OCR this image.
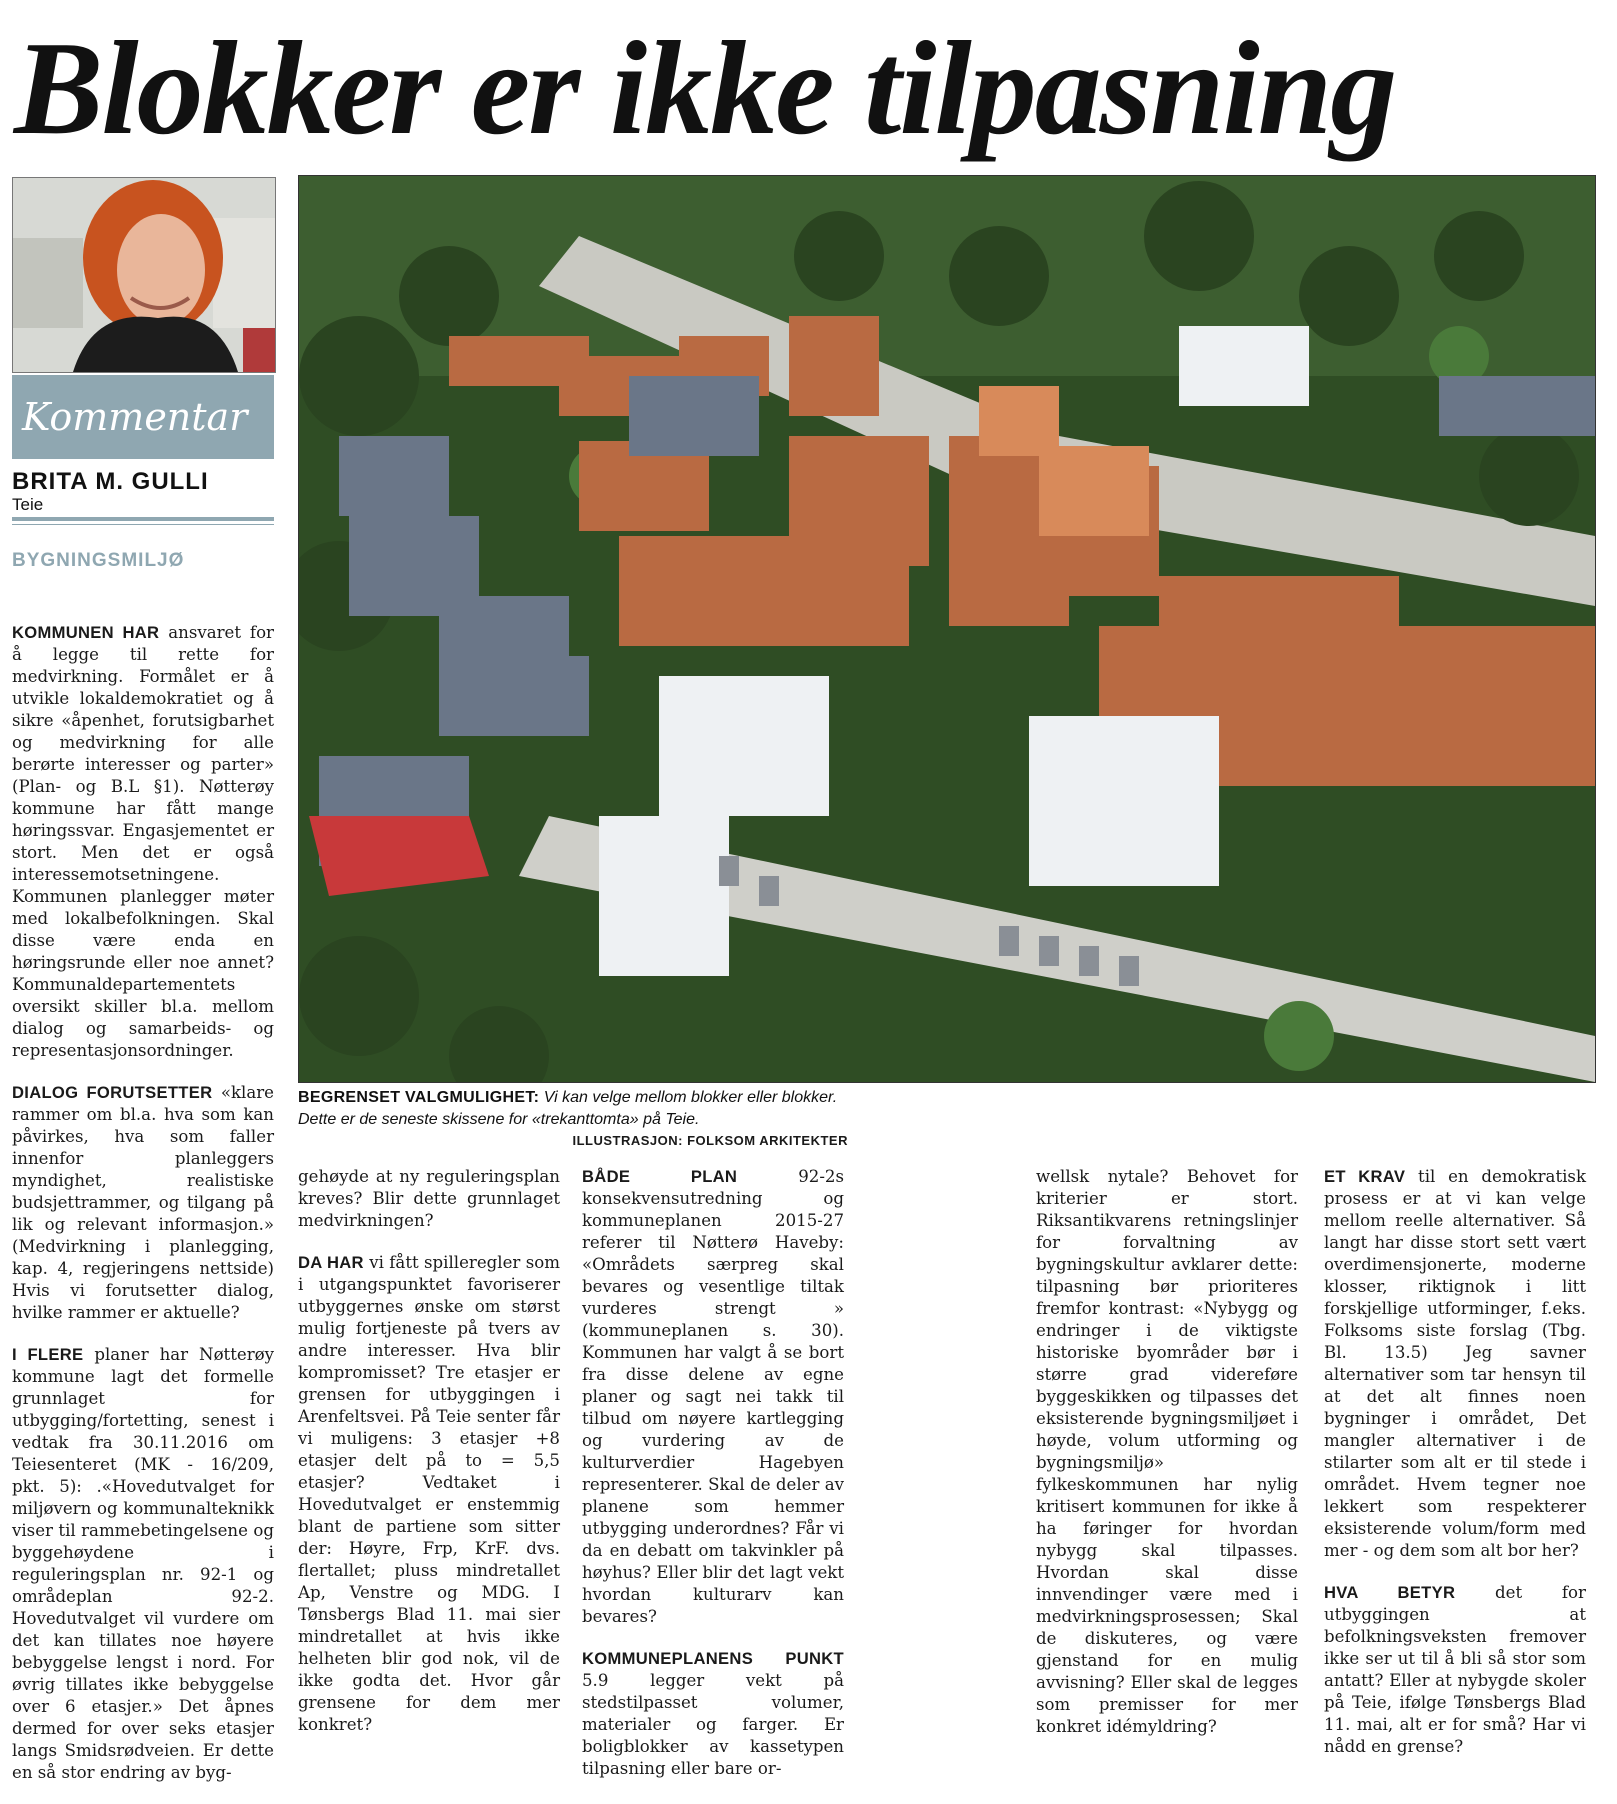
Blokker er ikke tilpasning
Kommentar
BRITA M. GULLI
Teie
BYGNINGSMILJØ
BEGRENSET VALGMULIGHET: Vi kan velge mellom blokker eller blokker. Dette er de seneste skissene for «trekanttomta» på Teie.
ILLUSTRASJON: FOLKSOM ARKITEKTER

KOMMUNEN HAR ansvaret for å legge til rette for medvirkning. Formålet er å utvikle lokaldemokratiet og å sikre «åpenhet, forutsigbarhet og medvirkning for alle berørte interesser og parter» (Plan- og B.L §1). Nøtterøy kommune har fått mange høringssvar. Engasjementet er stort. Men det er også interessemotsetningene. Kommunen planlegger møter med lokalbefolkningen. Skal disse være enda en høringsrunde eller noe annet? Kommunaldepartementets oversikt skiller bl.a. mellom dialog og samarbeids- og representasjonsordninger.

DIALOG FORUTSETTER «klare rammer om bl.a. hva som kan påvirkes, hva som faller innenfor planleggers myndighet, realistiske budsjettrammer, og tilgang på lik og relevant informasjon.» (Medvirkning i planlegging, kap. 4, regjeringens nettside) Hvis vi forutsetter dialog, hvilke rammer er aktuelle?

I FLERE planer har Nøtterøy kommune lagt det formelle grunnlaget for utbygging/fortetting, senest i vedtak fra 30.11.2016 om Teiesenteret (MK - 16/209, pkt. 5): .«Hovedutvalget for miljøvern og kommunalteknikk viser til rammebetingelsene og byggehøydene i reguleringsplan nr. 92-1 og områdeplan 92-2. Hovedutvalget vil vurdere om det kan tillates noe høyere bebyggelse lengst i nord. For øvrig tillates ikke bebyggelse over 6 etasjer.» Det åpnes dermed for over seks etasjer langs Smidsrødveien. Er dette en så stor endring av byg-

gehøyde at ny reguleringsplan kreves? Blir dette grunnlaget medvirkningen?

DA HAR vi fått spilleregler som i utgangspunktet favoriserer utbyggernes ønske om størst mulig fortjeneste på tvers av andre interesser. Hva blir kompromisset? Tre etasjer er grensen for utbyggingen i Arenfeltsvei. På Teie senter får vi muligens: 3 etasjer +8 etasjer delt på to = 5,5 etasjer? Vedtaket i Hovedutvalget er enstemmig blant de partiene som sitter der: Høyre, Frp, KrF. dvs. flertallet; pluss mindretallet Ap, Venstre og MDG. I Tønsbergs Blad 11. mai sier mindretallet at hvis ikke helheten blir god nok, vil de ikke godta det. Hvor går grensene for dem mer konkret?

BÅDE PLAN 92-2s konsekvensutredning og kommuneplanen 2015-27 referer til Nøtterø Haveby: «Områdets særpreg skal bevares og vesentlige tiltak vurderes strengt » (kommuneplanen s. 30). Kommunen har valgt å se bort fra disse delene av egne planer og sagt nei takk til tilbud om nøyere kartlegging og vurdering av de kulturverdier Hagebyen representerer. Skal de deler av planene som hemmer utbygging underordnes? Får vi da en debatt om takvinkler på høyhus? Eller blir det lagt vekt hvordan kulturarv kan bevares?

KOMMUNEPLANENS PUNKT 5.9 legger vekt på stedstilpasset volumer, materialer og farger. Er boligblokker av kassetypen tilpasning eller bare or-

wellsk nytale? Behovet for kriterier er stort. Riksantikvarens retningslinjer for forvaltning av bygningskultur avklarer dette: tilpasning bør prioriteres fremfor kontrast: «Nybygg og endringer i de viktigste historiske byområder bør i større grad videreføre byggeskikken og tilpasses det eksisterende bygningsmiljøet i høyde, volum utforming og bygningsmiljø» fylkeskommunen har nylig kritisert kommunen for ikke å ha føringer for hvordan nybygg skal tilpasses. Hvordan skal disse innvendinger være med i medvirkningsprosessen; Skal de diskuteres, og være gjenstand for en mulig avvisning? Eller skal de legges som premisser for mer konkret idémyldring?

ET KRAV til en demokratisk prosess er at vi kan velge mellom reelle alternativer. Så langt har disse stort sett vært overdimensjonerte, moderne klosser, riktignok i litt forskjellige utforminger, f.eks. Folksoms siste forslag (Tbg. Bl. 13.5) Jeg savner alternativer som tar hensyn til at det alt finnes noen bygninger i området, Det mangler alternativer i de stilarter som alt er til stede i området. Hvem tegner noe lekkert som respekterer eksisterende volum/form med mer - og dem som alt bor her?

HVA BETYR det for utbyggingen at befolkningsveksten fremover ikke ser ut til å bli så stor som antatt? Eller at nybygde skoler på Teie, ifølge Tønsbergs Blad 11. mai, alt er for små? Har vi nådd en grense?
